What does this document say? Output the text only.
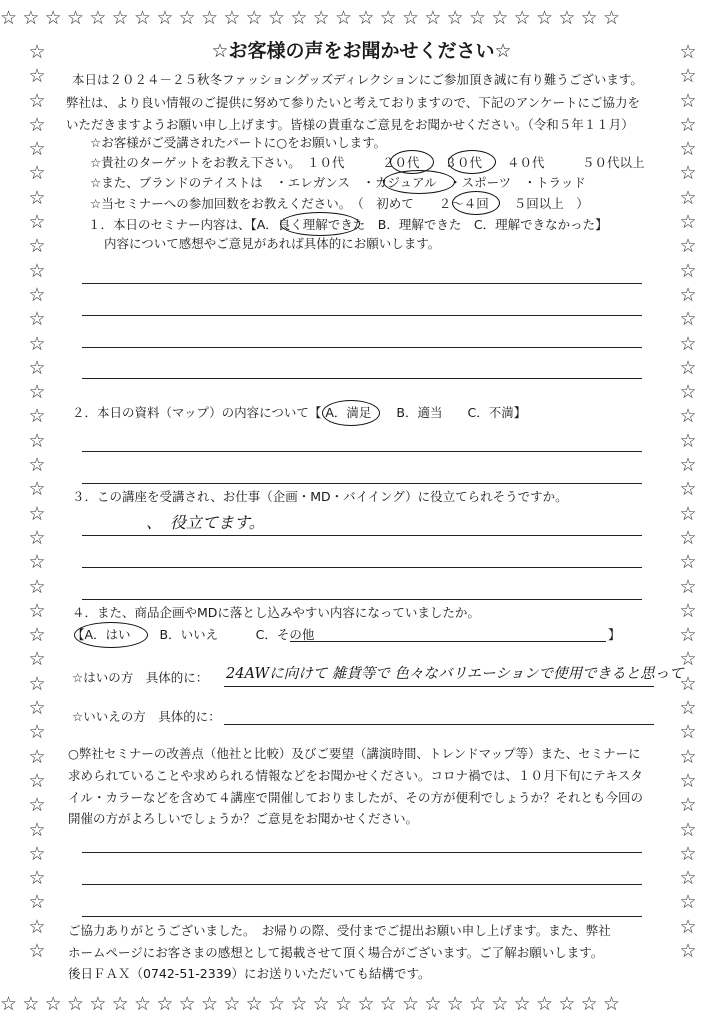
☆☆☆☆☆☆☆☆☆☆☆☆☆☆☆☆☆☆☆☆☆☆☆☆☆☆☆☆
☆☆☆☆☆☆☆☆☆☆☆☆☆☆☆☆☆☆☆☆☆☆☆☆☆☆☆☆
☆
☆
☆
☆
☆
☆
☆
☆
☆
☆
☆
☆
☆
☆
☆
☆
☆
☆
☆
☆
☆
☆
☆
☆
☆
☆
☆
☆
☆
☆
☆
☆
☆
☆
☆
☆
☆
☆
☆
☆
☆
☆
☆
☆
☆
☆
☆
☆
☆
☆
☆
☆
☆
☆
☆
☆
☆
☆
☆
☆
☆
☆
☆
☆
☆
☆
☆
☆
☆
☆
☆
☆
☆
☆
☆
☆
☆お客様の声をお聞かせください☆
本日は２０２４－２５秋冬ファッショングッズディレクションにご参加頂き誠に有り難うございます。
弊社は、より良い情報のご提供に努めて参りたいと考えておりますので、下記のアンケートにご協力を
いただきますようお願い申し上げます。皆様の貴重なご意見をお聞かせください。（令和５年１１月）
☆お客様がご受講されたパートに○をお願いします。
☆貴社のターゲットをお教え下さい。　１０代　　　２０代　　３０代　　４０代　　　５０代以上
☆また、ブランドのテイストは　・エレガンス　・カジュアル　・スポーツ　・トラッド
☆当セミナーへの参加回数をお教えください。　（　初めて　　２～４回　　５回以上　）
１．本日のセミナー内容は、【A．良く理解できた　B．理解できた　C．理解できなかった】
内容について感想やご意見があれば具体的にお願いします。
２．本日の資料（マップ）の内容について【 A．満足　　B．適当　　C．不満】
３．この講座を受講され、お仕事（企画・MD・バイイング）に役立てられそうですか。
、　役立てます。
４．また、商品企画やMDに落とし込みやすい内容になっていましたか。
【A．はい　　 B．いいえ　　　C．その他	】
☆はいの方　具体的に： 24AWに向けて 雑貨等で 色々なバリエーションで使用できると思って
☆いいえの方　具体的に：
○弊社セミナーの改善点（他社と比較）及びご要望（講演時間、トレンドマップ等）また、セミナーに
求められていることや求められる情報などをお聞かせください。コロナ禍では、１０月下旬にテキスタ
イル・カラーなどを含めて４講座で開催しておりましたが、その方が便利でしょうか？それとも今回の
開催の方がよろしいでしょうか？ご意見をお聞かせください。
ご協力ありがとうございました。　お帰りの際、受付までご提出お願い申し上げます。また、弊社
ホームページにお客さまの感想として掲載させて頂く場合がございます。ご了解お願いします。
後日ＦＡＸ（0742-51-2339）にお送りいただいても結構です。
